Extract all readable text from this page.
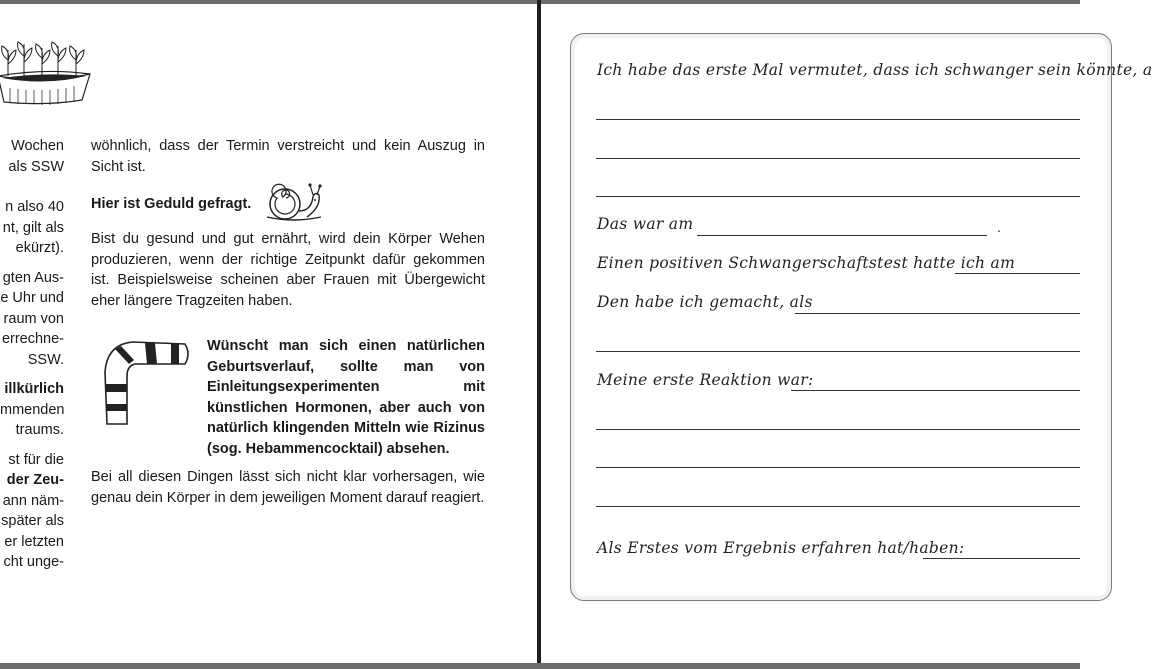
Wochen
als SSW

n also 40
nt, gilt als
ekürzt).

gten Aus-
e Uhr und
raum von
errechne-
SSW.

illkürlich
mmenden
traums.

st für die
der Zeu-
ann näm-
später als
er letzten
cht unge-

wöhnlich, dass der Termin verstreicht und kein Auszug in Sicht ist.

Hier ist Geduld gefragt.

Bist du gesund und gut ernährt, wird dein Körper Wehen produzieren, wenn der richtige Zeitpunkt dafür gekommen ist. Beispielsweise scheinen aber Frauen mit Übergewicht eher längere Tragzeiten haben.

Wünscht man sich einen natürlichen Geburtsverlauf, sollte man von Einleitungsexperimenten mit künstlichen Hormonen, aber auch von natürlich klingenden Mitteln wie Rizinus (sog. Hebammencocktail) absehen.
Bei all diesen Dingen lässt sich nicht klar vorhersagen, wie genau dein Körper in dem jeweiligen Moment darauf reagiert.
Ich habe das erste Mal vermutet, dass ich schwanger sein könnte, a
Das war am	.
Einen positiven Schwangerschaftstest hatte ich am
Den habe ich gemacht, als
Meine erste Reaktion war:
Als Erstes vom Ergebnis erfahren hat/haben:
